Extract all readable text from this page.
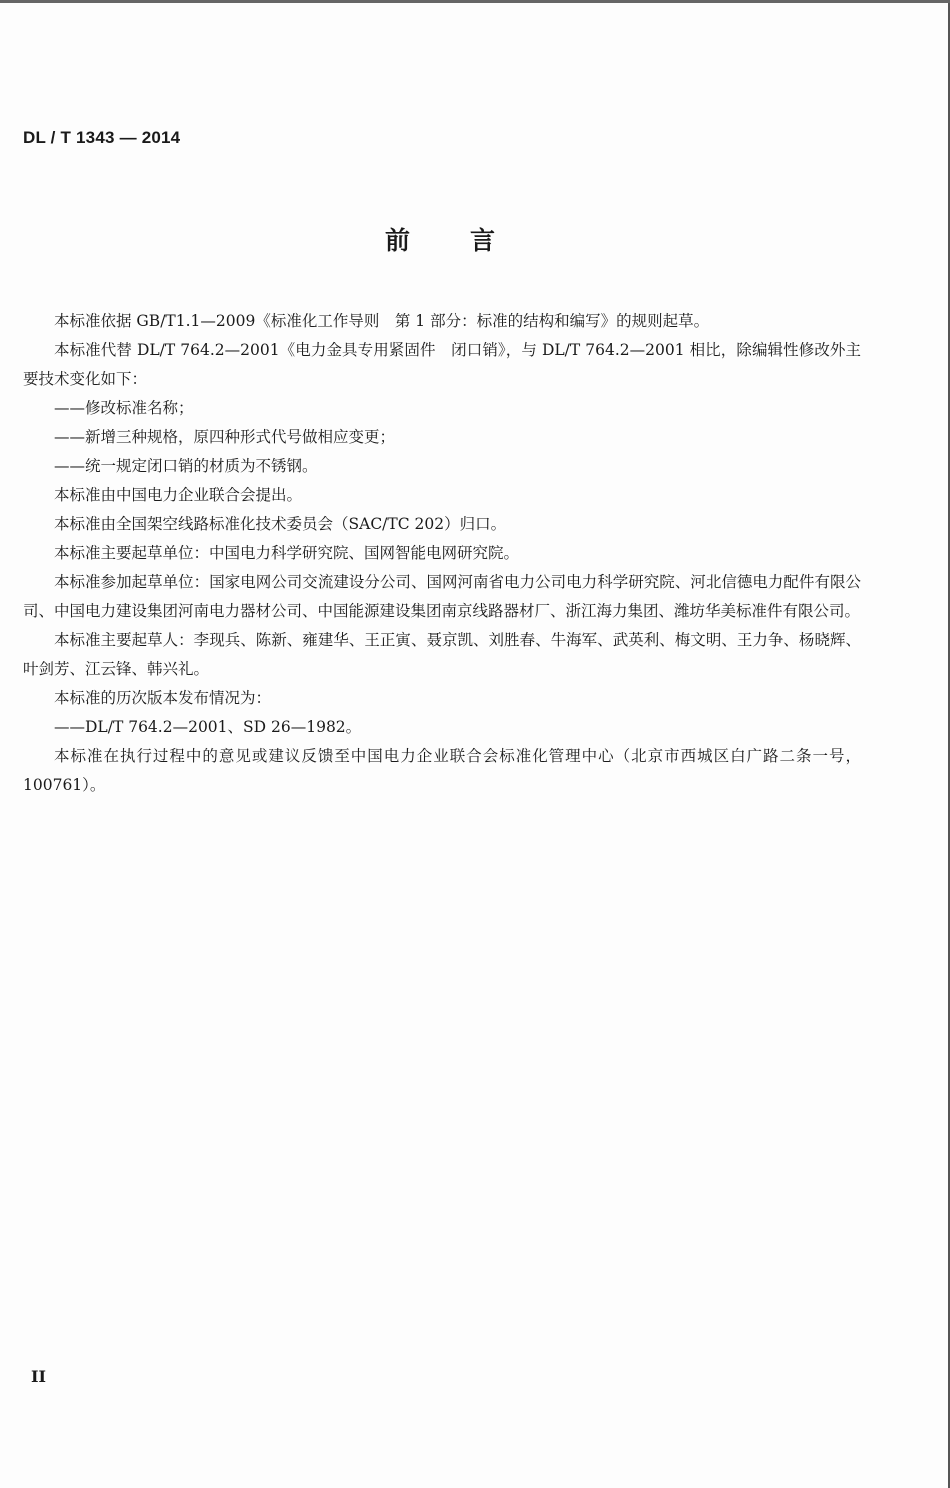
DL / T 1343 — 2014
前言

本标准依据 GB/T1.1—2009《标准化工作导则　第 1 部分：标准的结构和编写》的规则起草。

本标准代替 DL/T 764.2—2001《电力金具专用紧固件　闭口销》，与 DL/T 764.2—2001 相比，除编辑性修改外主要技术变化如下：

——修改标准名称；

——新增三种规格，原四种形式代号做相应变更；

——统一规定闭口销的材质为不锈钢。

本标准由中国电力企业联合会提出。

本标准由全国架空线路标准化技术委员会（SAC/TC 202）归口。

本标准主要起草单位：中国电力科学研究院、国网智能电网研究院。

本标准参加起草单位：国家电网公司交流建设分公司、国网河南省电力公司电力科学研究院、河北信德电力配件有限公司、中国电力建设集团河南电力器材公司、中国能源建设集团南京线路器材厂、浙江海力集团、潍坊华美标准件有限公司。

本标准主要起草人：李现兵、陈新、雍建华、王正寅、聂京凯、刘胜春、牛海军、武英利、梅文明、王力争、杨晓辉、叶剑芳、江云锋、韩兴礼。

本标准的历次版本发布情况为：

——DL/T 764.2—2001、SD 26—1982。

本标准在执行过程中的意见或建议反馈至中国电力企业联合会标准化管理中心（北京市西城区白广路二条一号，100761）。

II
